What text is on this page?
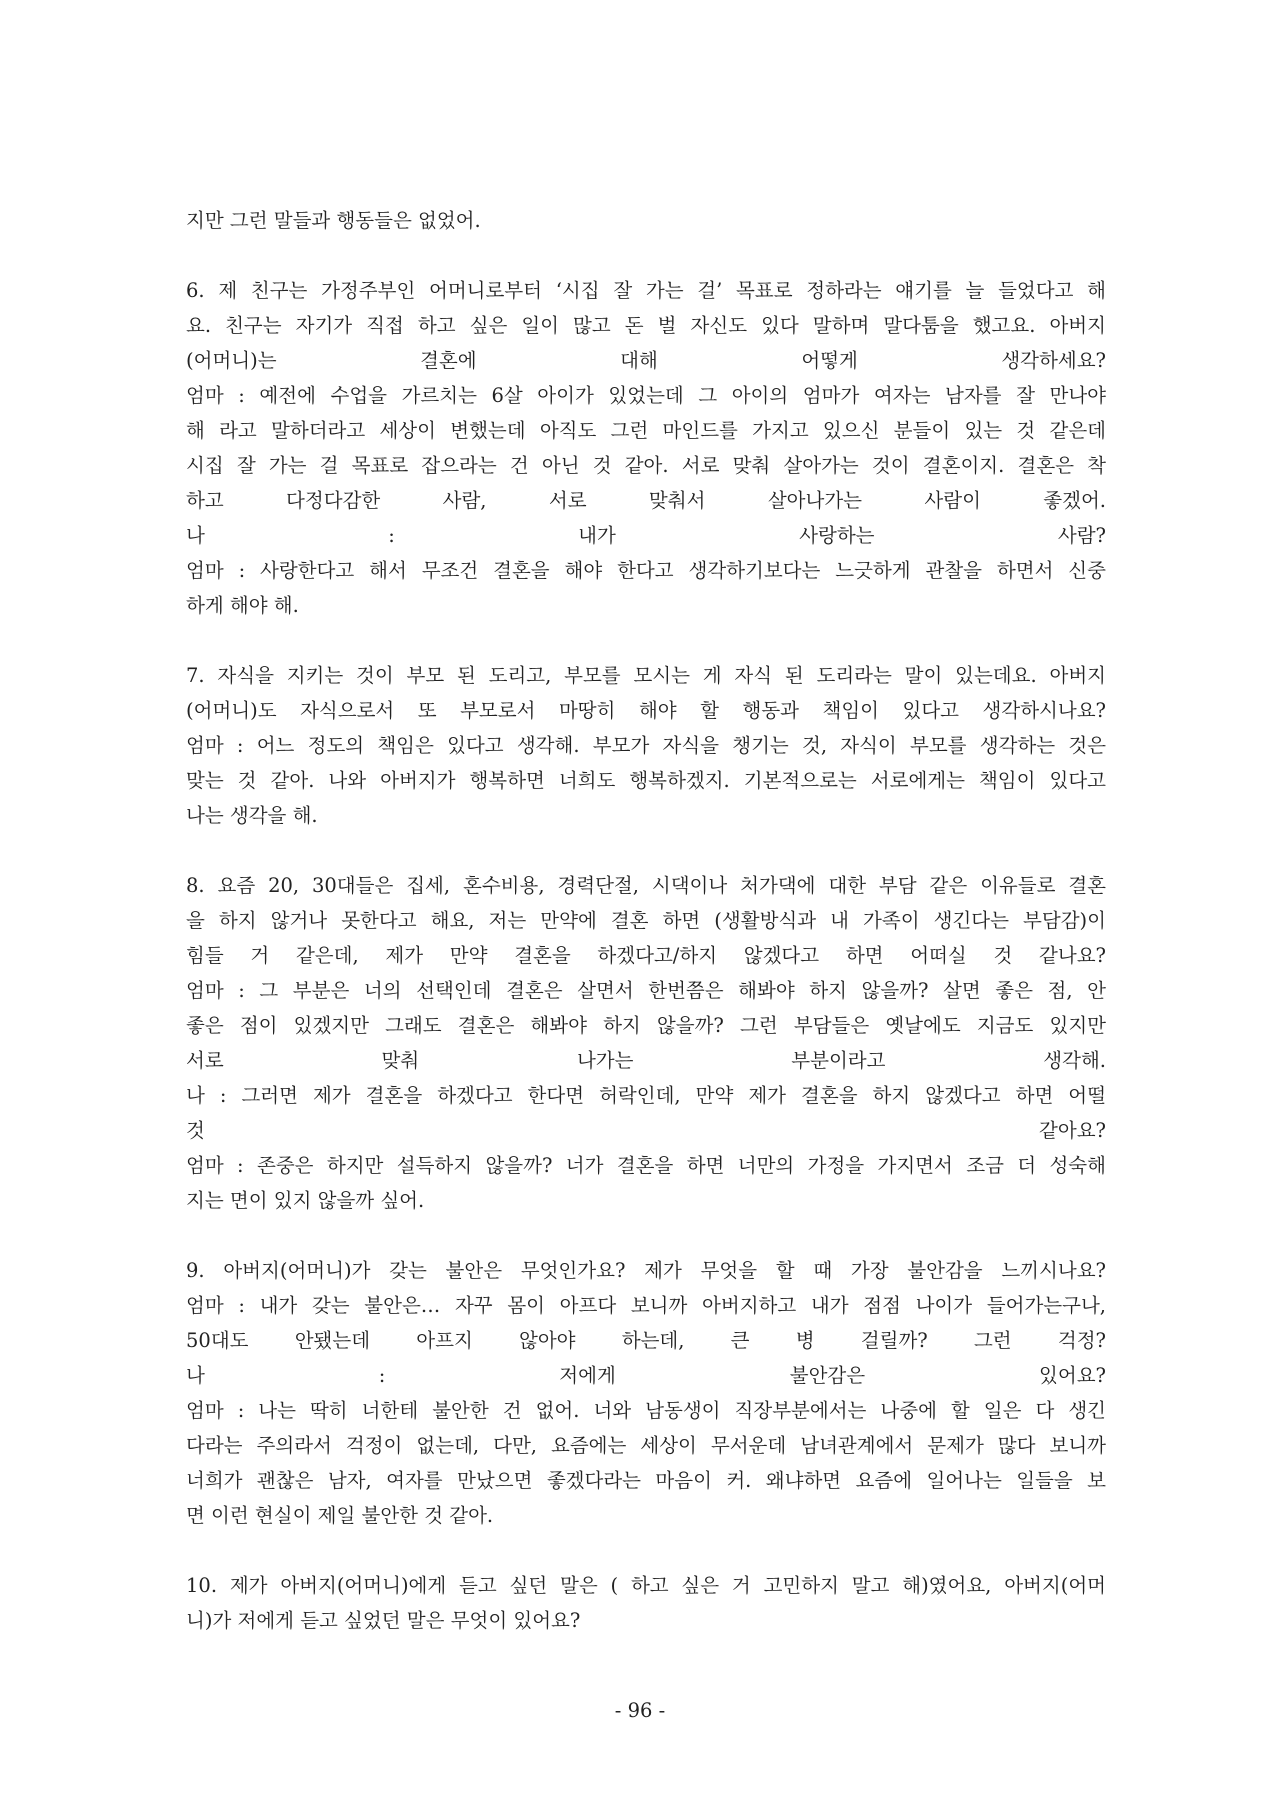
지만 그런 말들과 행동들은 없었어.
6. 제 친구는 가정주부인 어머니로부터 ‘시집 잘 가는 걸’ 목표로 정하라는 얘기를 늘 들었다고 해
요. 친구는 자기가 직접 하고 싶은 일이 많고 돈 벌 자신도 있다 말하며 말다툼을 했고요. 아버지
(어머니)는 결혼에 대해 어떻게 생각하세요?
엄마 : 예전에 수업을 가르치는 6살 아이가 있었는데 그 아이의 엄마가 여자는 남자를 잘 만나야
해 라고 말하더라고 세상이 변했는데 아직도 그런 마인드를 가지고 있으신 분들이 있는 것 같은데
시집 잘 가는 걸 목표로 잡으라는 건 아닌 것 같아. 서로 맞춰 살아가는 것이 결혼이지. 결혼은 착
하고 다정다감한 사람, 서로 맞춰서 살아나가는 사람이 좋겠어.
나 : 내가 사랑하는 사람?
엄마 : 사랑한다고 해서 무조건 결혼을 해야 한다고 생각하기보다는 느긋하게 관찰을 하면서 신중
하게 해야 해.
7. 자식을 지키는 것이 부모 된 도리고, 부모를 모시는 게 자식 된 도리라는 말이 있는데요. 아버지
(어머니)도 자식으로서 또 부모로서 마땅히 해야 할 행동과 책임이 있다고 생각하시나요?
엄마 : 어느 정도의 책임은 있다고 생각해. 부모가 자식을 챙기는 것, 자식이 부모를 생각하는 것은
맞는 것 같아. 나와 아버지가 행복하면 너희도 행복하겠지. 기본적으로는 서로에게는 책임이 있다고
나는 생각을 해.
8. 요즘 20, 30대들은 집세, 혼수비용, 경력단절, 시댁이나 처가댁에 대한 부담 같은 이유들로 결혼
을 하지 않거나 못한다고 해요, 저는 만약에 결혼 하면 (생활방식과 내 가족이 생긴다는 부담감)이
힘들 거 같은데, 제가 만약 결혼을 하겠다고/하지 않겠다고 하면 어떠실 것 같나요?
엄마 : 그 부분은 너의 선택인데 결혼은 살면서 한번쯤은 해봐야 하지 않을까? 살면 좋은 점, 안
좋은 점이 있겠지만 그래도 결혼은 해봐야 하지 않을까? 그런 부담들은 옛날에도 지금도 있지만
서로 맞춰 나가는 부분이라고 생각해.
나 : 그러면 제가 결혼을 하겠다고 한다면 허락인데, 만약 제가 결혼을 하지 않겠다고 하면 어떨
것 같아요?
엄마 : 존중은 하지만 설득하지 않을까? 너가 결혼을 하면 너만의 가정을 가지면서 조금 더 성숙해
지는 면이 있지 않을까 싶어.
9. 아버지(어머니)가 갖는 불안은 무엇인가요? 제가 무엇을 할 때 가장 불안감을 느끼시나요?
엄마 : 내가 갖는 불안은… 자꾸 몸이 아프다 보니까 아버지하고 내가 점점 나이가 들어가는구나,
50대도 안됐는데 아프지 않아야 하는데, 큰 병 걸릴까? 그런 걱정?
나 : 저에게 불안감은 있어요?
엄마 : 나는 딱히 너한테 불안한 건 없어. 너와 남동생이 직장부분에서는 나중에 할 일은 다 생긴
다라는 주의라서 걱정이 없는데, 다만, 요즘에는 세상이 무서운데 남녀관계에서 문제가 많다 보니까
너희가 괜찮은 남자, 여자를 만났으면 좋겠다라는 마음이 커. 왜냐하면 요즘에 일어나는 일들을 보
면 이런 현실이 제일 불안한 것 같아.
10. 제가 아버지(어머니)에게 듣고 싶던 말은 ( 하고 싶은 거 고민하지 말고 해)였어요, 아버지(어머
니)가 저에게 듣고 싶었던 말은 무엇이 있어요?
- 96 -
